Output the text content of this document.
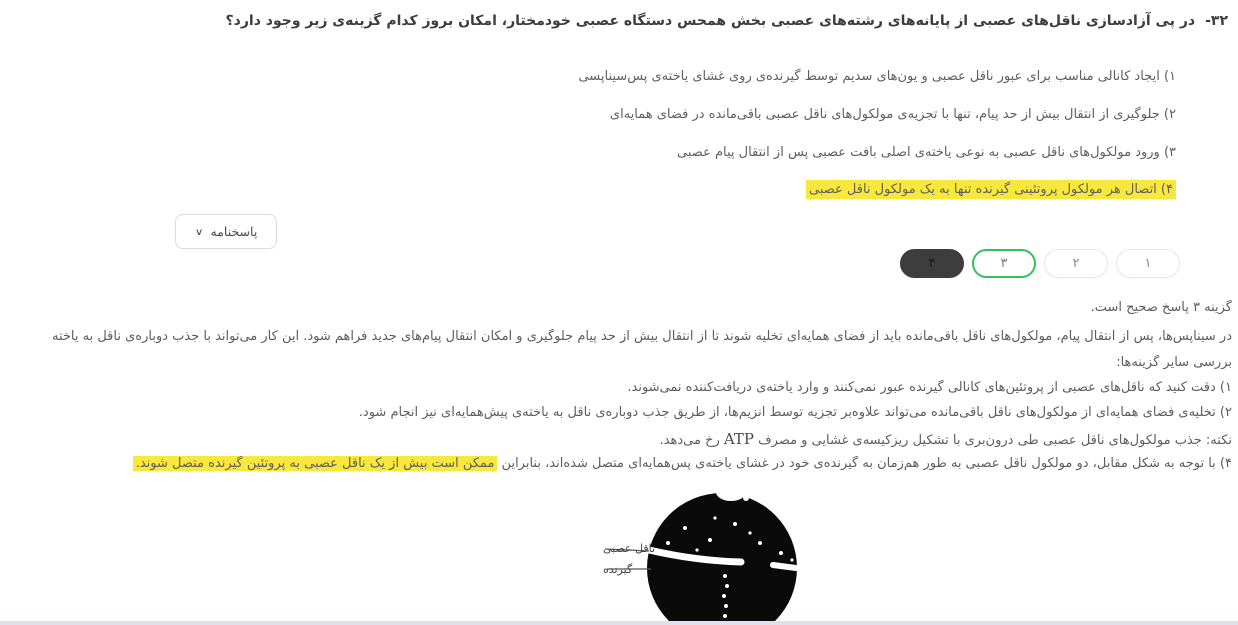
۳۲-در پی آزادسازی ناقل‌های عصبی از پایانه‌های رشته‌های عصبی بخش همحس دستگاه عصبی خودمختار، امکان بروز کدام گزینه‌ی زیر وجود دارد؟
۱) ایجاد کانالی مناسب برای عبور ناقل عصبی و یون‌های سدیم توسط گیرنده‌ی روی غشای یاخته‌ی پس‌سیناپسی
۲) جلوگیری از انتقال بیش از حد پیام، تنها با تجزیه‌ی مولکول‌های ناقل عصبی باقی‌مانده در فضای همایه‌ای
۳) ورود مولکول‌های ناقل عصبی به نوعی یاخته‌ی اصلی بافت عصبی پس از انتقال پیام عصبی
۴) اتصال هر مولکول پروتئینی گیرنده تنها به یک مولکول ناقل عصبی
پاسخنامه
∨
۱
۲
۳
۴
گزینه ۳ پاسخ صحیح است.
در سیناپس‌ها، پس از انتقال پیام، مولکول‌های ناقل باقی‌مانده باید از فضای همایه‌ای تخلیه شوند تا از انتقال بیش از حد پیام جلوگیری و امکان انتقال پیام‌های جدید فراهم شود. این کار می‌تواند با جذب دوباره‌ی ناقل به یاخته
بررسی سایر گزینه‌ها:
۱) دقت کنید که ناقل‌های عصبی از پروتئین‌های کانالی گیرنده عبور نمی‌کنند و وارد یاخته‌ی دریافت‌کننده نمی‌شوند.
۲) تخلیه‌ی فضای همایه‌ای از مولکول‌های ناقل باقی‌مانده می‌تواند علاوه‌بر تجزیه توسط آنزیم‌ها، از طریق جذب دوباره‌ی ناقل به یاخته‌ی پیش‌همایه‌ای نیز انجام شود.
نکته: جذب مولکول‌های ناقل عصبی طی درون‌بری با تشکیل ریزکیسه‌ی غشایی و مصرف ATP رخ می‌دهد.
۴) با توجه به شکل مقابل، دو مولکول ناقل عصبی به طور هم‌زمان به گیرنده‌ی خود در غشای یاخته‌ی پس‌همایه‌ای متصل شده‌اند، بنابراین ممکن است بیش از یک ناقل عصبی به پروتئین گیرنده متصل شوند.
ناقل عصبی
گیرنده
